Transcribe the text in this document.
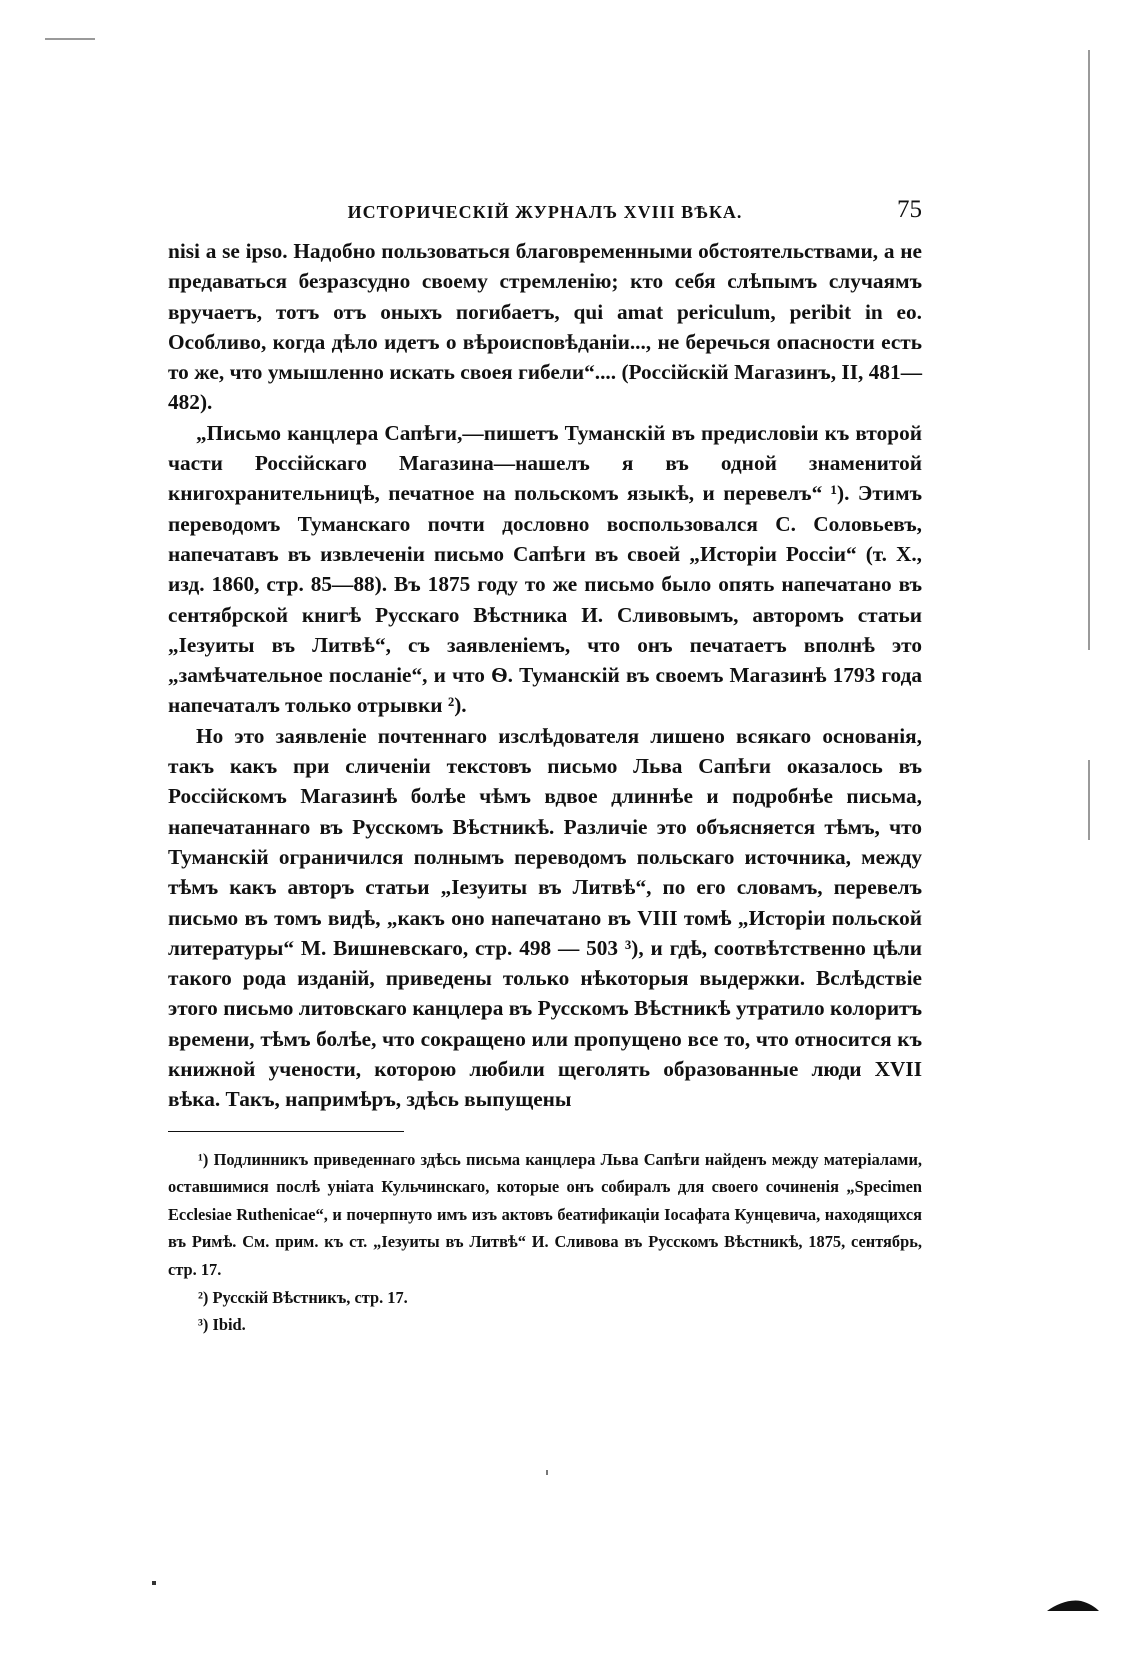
ИСТОРИЧЕСКІЙ ЖУРНАЛЪ XVIII ВѢКА.	75

nisi a se ipso. Надобно пользоваться благовременными обстоятельствами, а не предаваться безразсудно своему стремленію; кто себя слѣпымъ случаямъ вручаетъ, тотъ отъ оныхъ погибаетъ, qui amat periculum, peribit in eo. Особливо, когда дѣло идетъ о вѣроисповѣданіи..., не беречься опасности есть то же, что умышленно искать своея гибели“.... (Россійскій Магазинъ, II, 481—482).

„Письмо канцлера Сапѣги,—пишетъ Туманскій въ предисловіи къ второй части Россійскаго Магазина—нашелъ я въ одной знаменитой книгохранительницѣ, печатное на польскомъ языкѣ, и перевелъ“ ¹). Этимъ переводомъ Туманскаго почти дословно воспользовался С. Соловьевъ, напечатавъ въ извлеченіи письмо Сапѣги въ своей „Исторіи Россіи“ (т. X., изд. 1860, стр. 85—88). Въ 1875 году то же письмо было опять напечатано въ сентябрской книгѣ Русскаго Вѣстника И. Сливовымъ, авторомъ статьи „Іезуиты въ Литвѣ“, съ заявленіемъ, что онъ печатаетъ вполнѣ это „замѣчательное посланіе“, и что Ѳ. Туманскій въ своемъ Магазинѣ 1793 года напечаталъ только отрывки ²).

Но это заявленіе почтеннаго изслѣдователя лишено всякаго основанія, такъ какъ при сличеніи текстовъ письмо Льва Сапѣги оказалось въ Россійскомъ Магазинѣ болѣе чѣмъ вдвое длиннѣе и подробнѣе письма, напечатаннаго въ Русскомъ Вѣстникѣ. Различіе это объясняется тѣмъ, что Туманскій ограничился полнымъ переводомъ польскаго источника, между тѣмъ какъ авторъ статьи „Іезуиты въ Литвѣ“, по его словамъ, перевелъ письмо въ томъ видѣ, „какъ оно напечатано въ VIII томѣ „Исторіи польской литературы“ М. Вишневскаго, стр. 498 — 503 ³), и гдѣ, соотвѣтственно цѣли такого рода изданій, приведены только нѣкоторыя выдержки. Вслѣдствіе этого письмо литовскаго канцлера въ Русскомъ Вѣстникѣ утратило колоритъ времени, тѣмъ болѣе, что сокращено или пропущено все то, что относится къ книжной учености, которою любили щеголять образованные люди XVII вѣка. Такъ, напримѣръ, здѣсь выпущены

¹) Подлинникъ приведеннаго здѣсь письма канцлера Льва Сапѣги найденъ между матеріалами, оставшимися послѣ уніата Кульчинскаго, которые онъ собиралъ для своего сочиненія „Specimen Ecclesiae Ruthenicae“, и почерпнуто имъ изъ актовъ беатификаціи Іосафата Кунцевича, находящихся въ Римѣ. См. прим. къ ст. „Іезуиты въ Литвѣ“ И. Сливова въ Русскомъ Вѣстникѣ, 1875, сентябрь, стр. 17.

²) Русскій Вѣстникъ, стр. 17.

³) Ibid.
